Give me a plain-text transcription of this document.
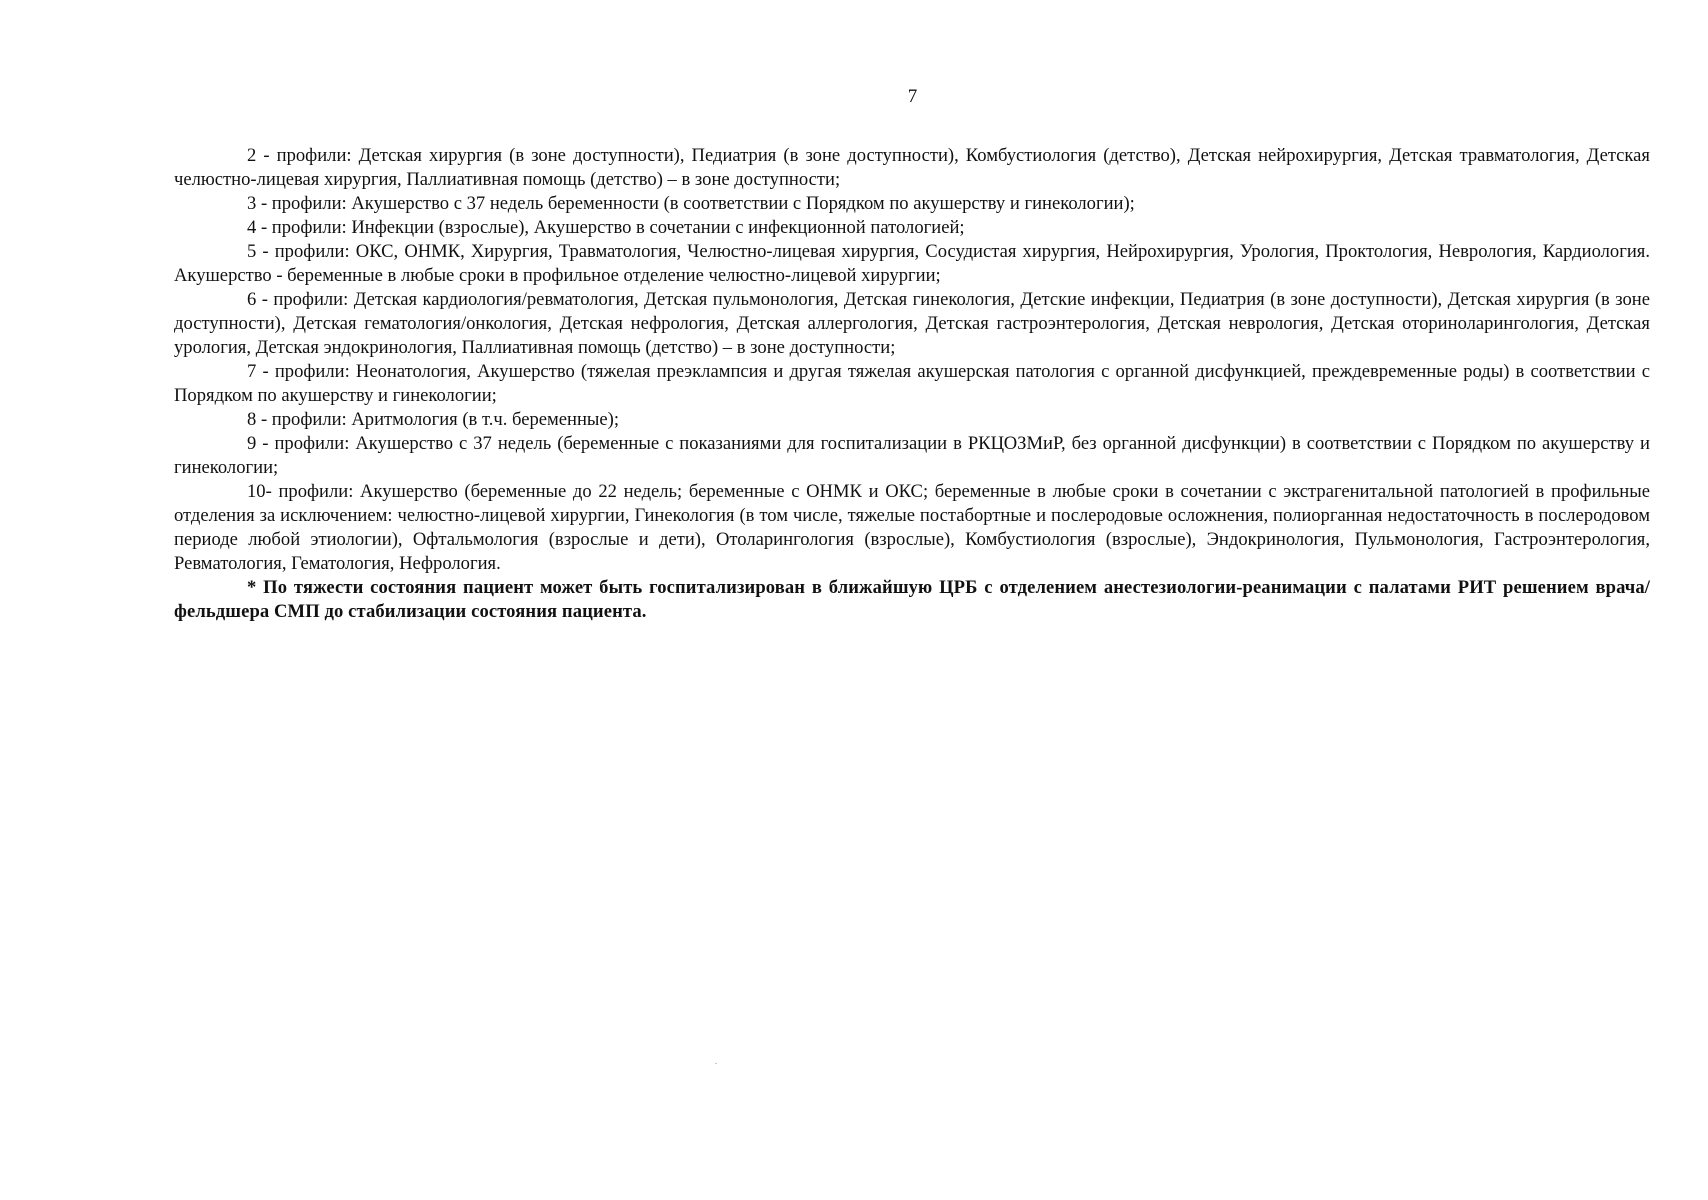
7

2 - профили: Детская хирургия (в зоне доступности), Педиатрия (в зоне доступности), Комбустиология (детство), Детская нейрохирургия, Детская травматология, Детская челюстно-лицевая хирургия, Паллиативная помощь (детство) – в зоне доступности;

3 - профили: Акушерство с 37 недель беременности (в соответствии с Порядком по акушерству и гинекологии);

4 - профили: Инфекции (взрослые), Акушерство в сочетании с инфекционной патологией;

5 - профили: ОКС, ОНМК, Хирургия, Травматология, Челюстно-лицевая хирургия, Сосудистая хирургия, Нейрохирургия, Урология, Проктология, Неврология, Кардиология. Акушерство - беременные в любые сроки в профильное отделение челюстно-лицевой хирургии;

6 - профили: Детская кардиология/ревматология, Детская пульмонология, Детская гинекология, Детские инфекции, Педиатрия (в зоне доступности), Детская хирургия (в зоне доступности), Детская гематология/онкология, Детская нефрология, Детская аллергология, Детская гастроэнтерология, Детская неврология, Детская оториноларингология, Детская урология, Детская эндокринология, Паллиативная помощь (детство) – в зоне доступности;

7 - профили: Неонатология, Акушерство (тяжелая преэклампсия и другая тяжелая акушерская патология с органной дисфункцией, преждевременные роды) в соответствии с Порядком по акушерству и гинекологии;

8 - профили: Аритмология (в т.ч. беременные);

9 - профили: Акушерство с 37 недель (беременные с показаниями для госпитализации в РКЦОЗМиР, без органной дисфункции) в соответствии с Порядком по акушерству и гинекологии;

10- профили: Акушерство (беременные до 22 недель; беременные с ОНМК и ОКС; беременные в любые сроки в сочетании с экстрагенитальной патологией в профильные отделения за исключением: челюстно-лицевой хирургии, Гинекология (в том числе, тяжелые постабортные и послеродовые осложнения, полиорганная недостаточность в послеродовом периоде любой этиологии), Офтальмология (взрослые и дети), Отоларингология (взрослые), Комбустиология (взрослые), Эндокринология, Пульмонология, Гастроэнтерология, Ревматология, Гематология, Нефрология.

* По тяжести состояния пациент может быть госпитализирован в ближайшую ЦРБ с отделением анестезиологии-реанимации с палатами РИТ решением врача/фельдшера СМП до стабилизации состояния пациента.
